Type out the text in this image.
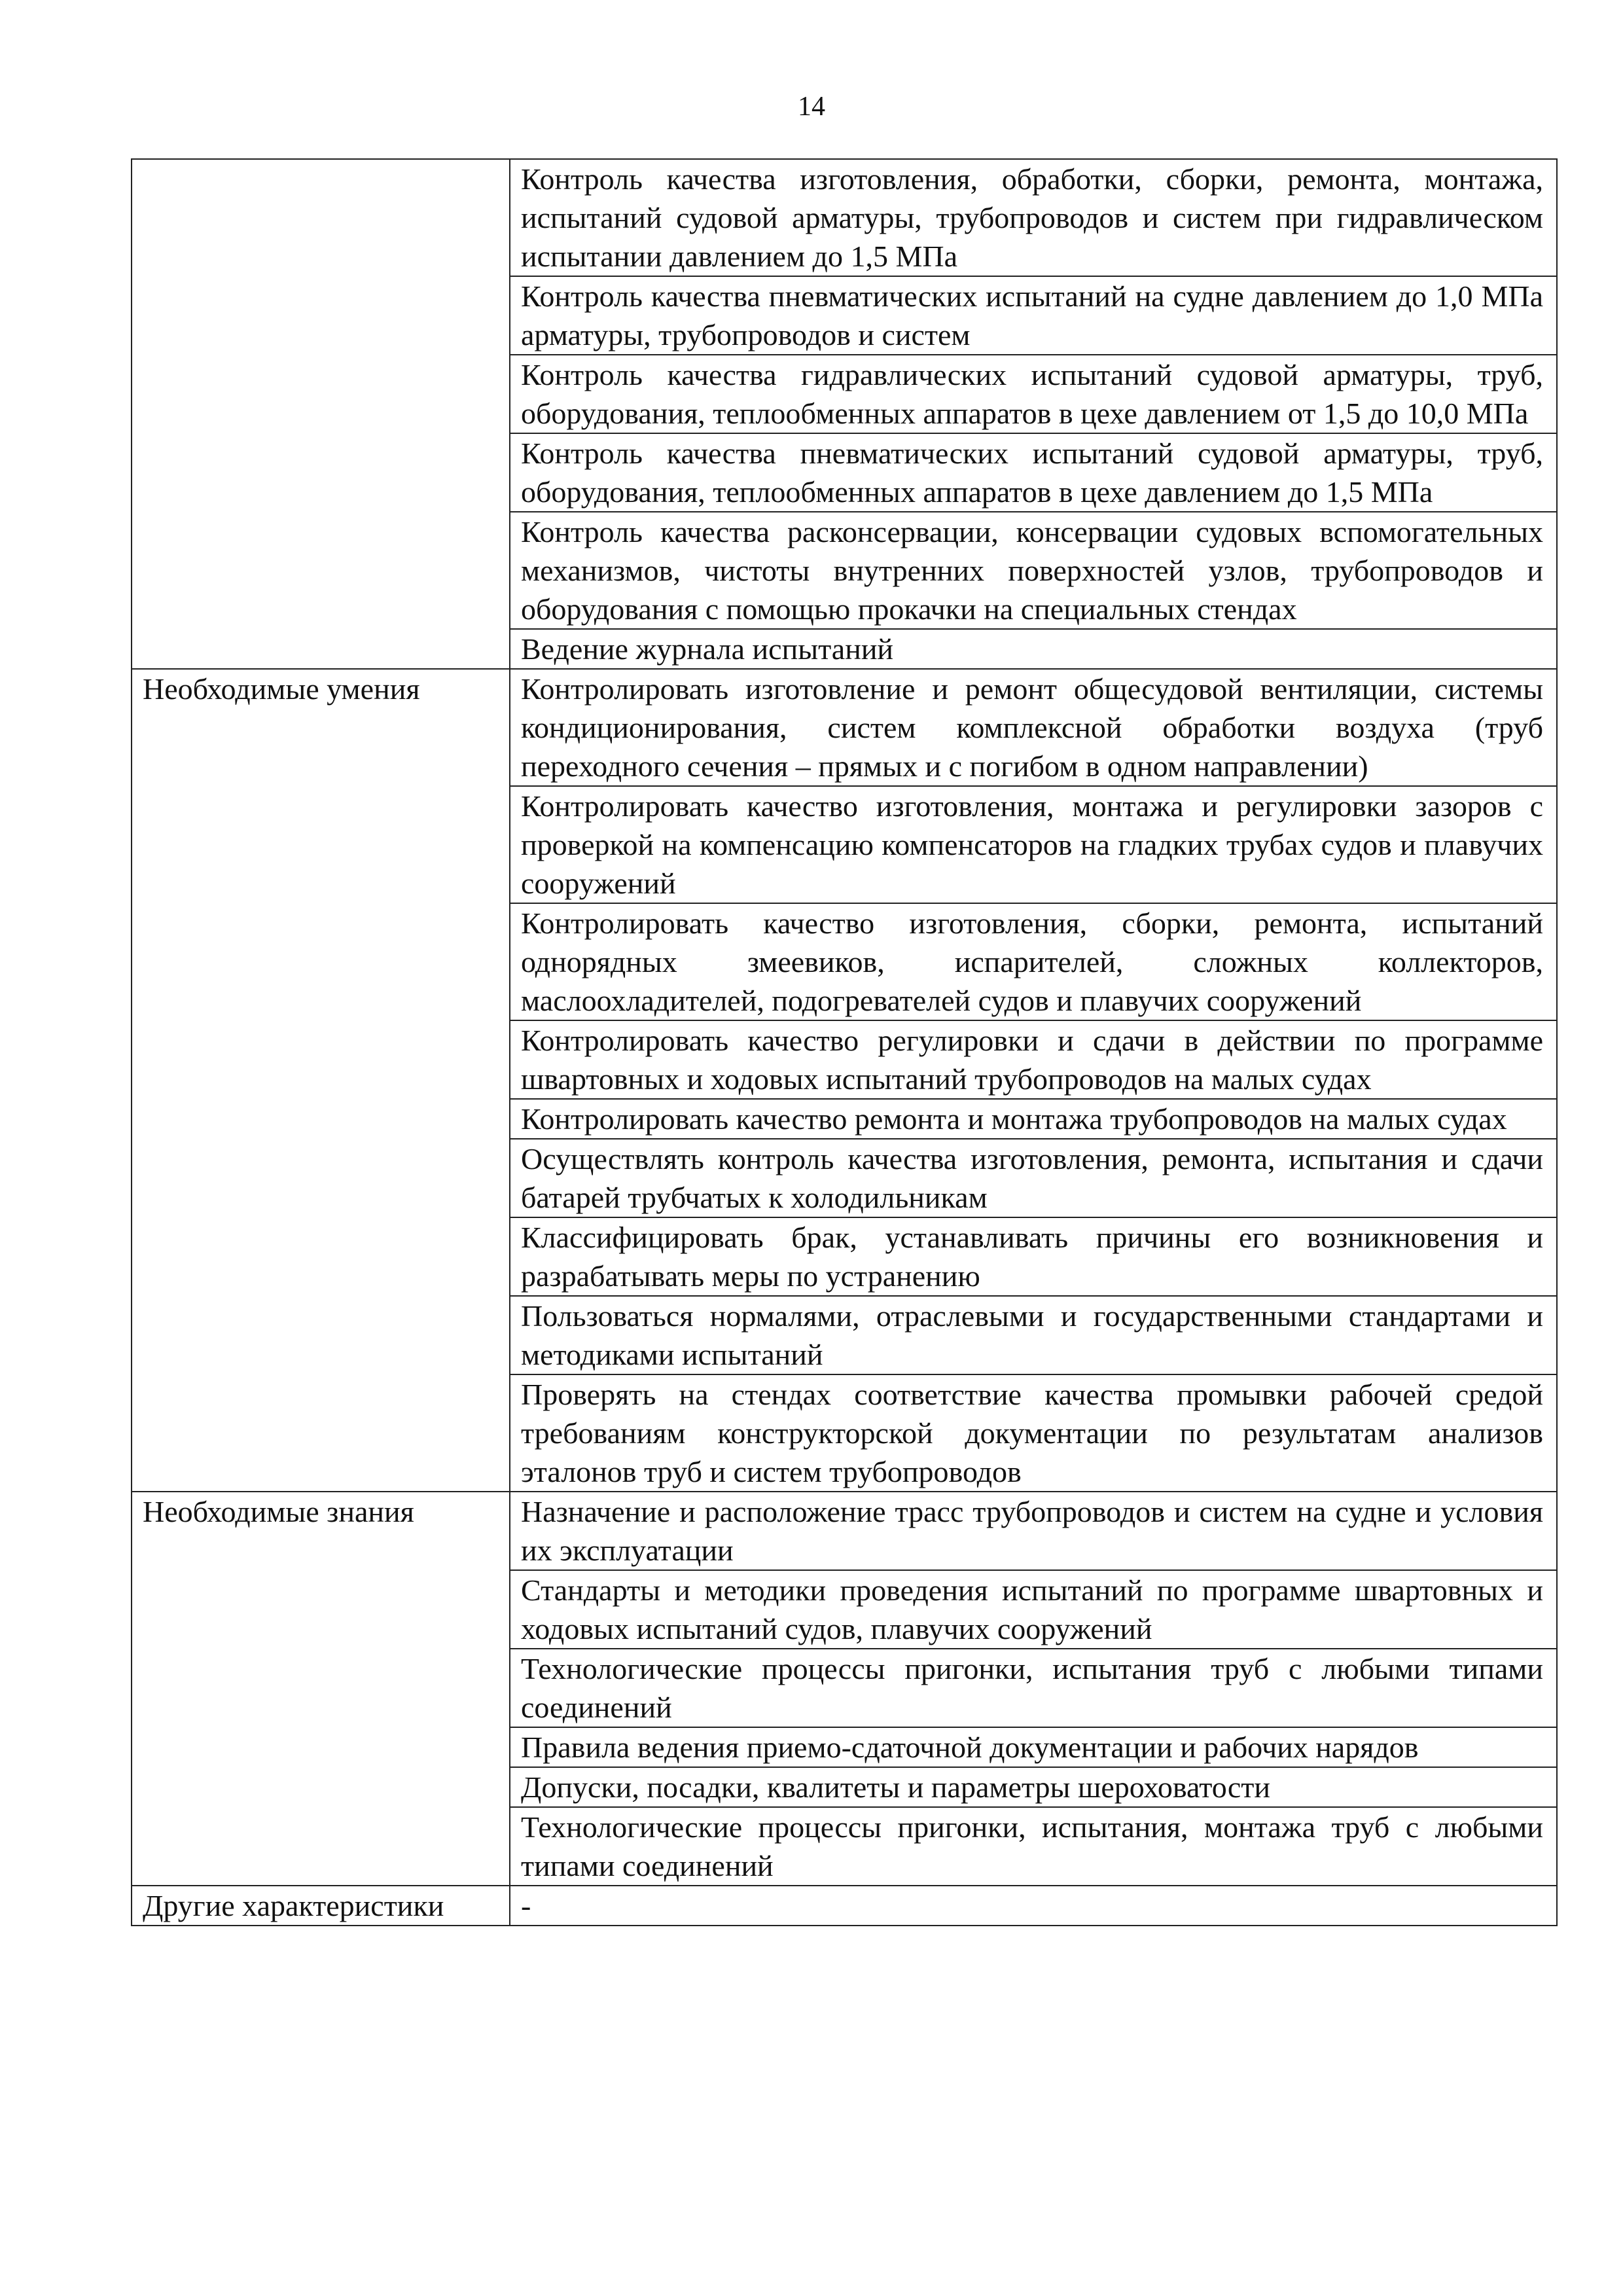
14
	Контроль качества изготовления, обработки, сборки, ремонта, монтажа, испытаний судовой арматуры, трубопроводов и систем при гидравлическом испытании давлением до 1,5 МПа
	Контроль качества пневматических испытаний на судне давлением до 1,0 МПа арматуры, трубопроводов и систем
	Контроль качества гидравлических испытаний судовой арматуры, труб, оборудования, теплообменных аппаратов в цехе давлением от 1,5 до 10,0 МПа
	Контроль качества пневматических испытаний судовой арматуры, труб, оборудования, теплообменных аппаратов в цехе давлением до 1,5 МПа
	Контроль качества расконсервации, консервации судовых вспомогательных механизмов, чистоты внутренних поверхностей узлов, трубопроводов и оборудования с помощью прокачки на специальных стендах
	Ведение журнала испытаний
Необходимые умения	Контролировать изготовление и ремонт общесудовой вентиляции, системы кондиционирования, систем комплексной обработки воздуха (труб переходного сечения – прямых и с погибом в одном направлении)
	Контролировать качество изготовления, монтажа и регулировки зазоров с проверкой на компенсацию компенсаторов на гладких трубах судов и плавучих сооружений
	Контролировать качество изготовления, сборки, ремонта, испытаний однорядных змеевиков, испарителей, сложных коллекторов, маслоохладителей, подогревателей судов и плавучих сооружений
	Контролировать качество регулировки и сдачи в действии по программе швартовных и ходовых испытаний трубопроводов на малых судах
	Контролировать качество ремонта и монтажа трубопроводов на малых судах
	Осуществлять контроль качества изготовления, ремонта, испытания и сдачи батарей трубчатых к холодильникам
	Классифицировать брак, устанавливать причины его возникновения и разрабатывать меры по устранению
	Пользоваться нормалями, отраслевыми и государственными стандартами и методиками испытаний
	Проверять на стендах соответствие качества промывки рабочей средой требованиям конструкторской документации по результатам анализов эталонов труб и систем трубопроводов
Необходимые знания	Назначение и расположение трасс трубопроводов и систем на судне и условия их эксплуатации
	Стандарты и методики проведения испытаний по программе швартовных и ходовых испытаний судов, плавучих сооружений
	Технологические процессы пригонки, испытания труб с любыми типами соединений
	Правила ведения приемо-сдаточной документации и рабочих нарядов
	Допуски, посадки, квалитеты и параметры шероховатости
	Технологические процессы пригонки, испытания, монтажа труб с любыми типами соединений
Другие характеристики	-
